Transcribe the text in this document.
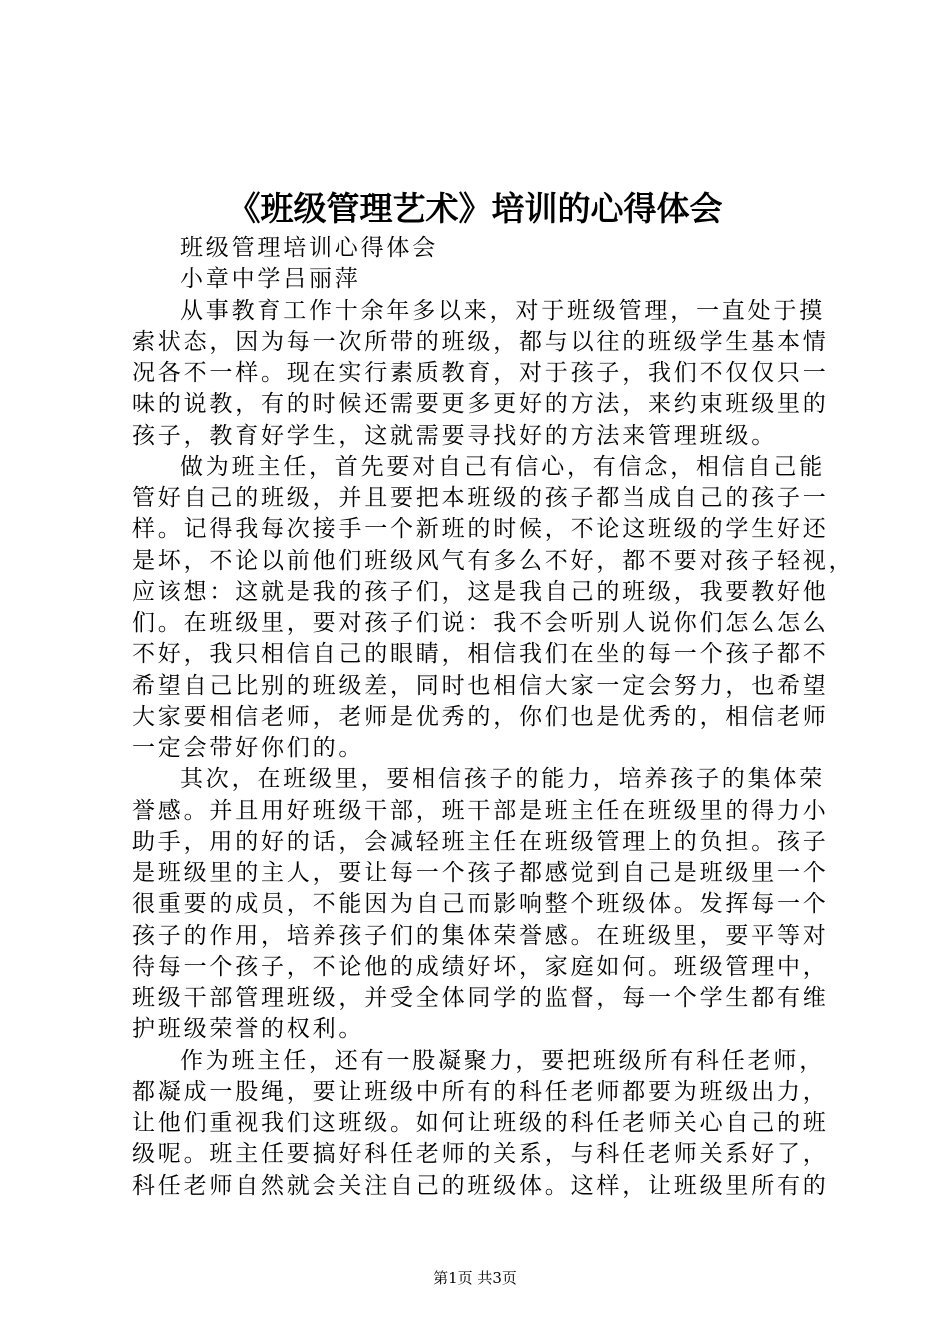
《班级管理艺术》培训的心得体会
班级管理培训心得体会
小章中学吕丽萍
从事教育工作十余年多以来，对于班级管理，一直处于摸
索状态，因为每一次所带的班级，都与以往的班级学生基本情
况各不一样。现在实行素质教育，对于孩子，我们不仅仅只一
味的说教，有的时候还需要更多更好的方法，来约束班级里的
孩子，教育好学生，这就需要寻找好的方法来管理班级。
做为班主任，首先要对自己有信心，有信念，相信自己能
管好自己的班级，并且要把本班级的孩子都当成自己的孩子一
样。记得我每次接手一个新班的时候，不论这班级的学生好还
是坏，不论以前他们班级风气有多么不好，都不要对孩子轻视，
应该想：这就是我的孩子们，这是我自己的班级，我要教好他
们。在班级里，要对孩子们说：我不会听别人说你们怎么怎么
不好，我只相信自己的眼睛，相信我们在坐的每一个孩子都不
希望自己比别的班级差，同时也相信大家一定会努力，也希望
大家要相信老师，老师是优秀的，你们也是优秀的，相信老师
一定会带好你们的。
其次，在班级里，要相信孩子的能力，培养孩子的集体荣
誉感。并且用好班级干部，班干部是班主任在班级里的得力小
助手，用的好的话，会减轻班主任在班级管理上的负担。孩子
是班级里的主人，要让每一个孩子都感觉到自己是班级里一个
很重要的成员，不能因为自己而影响整个班级体。发挥每一个
孩子的作用，培养孩子们的集体荣誉感。在班级里，要平等对
待每一个孩子，不论他的成绩好坏，家庭如何。班级管理中，
班级干部管理班级，并受全体同学的监督，每一个学生都有维
护班级荣誉的权利。
作为班主任，还有一股凝聚力，要把班级所有科任老师，
都凝成一股绳，要让班级中所有的科任老师都要为班级出力，
让他们重视我们这班级。如何让班级的科任老师关心自己的班
级呢。班主任要搞好科任老师的关系，与科任老师关系好了，
科任老师自然就会关注自己的班级体。这样，让班级里所有的
第1页 共3页
